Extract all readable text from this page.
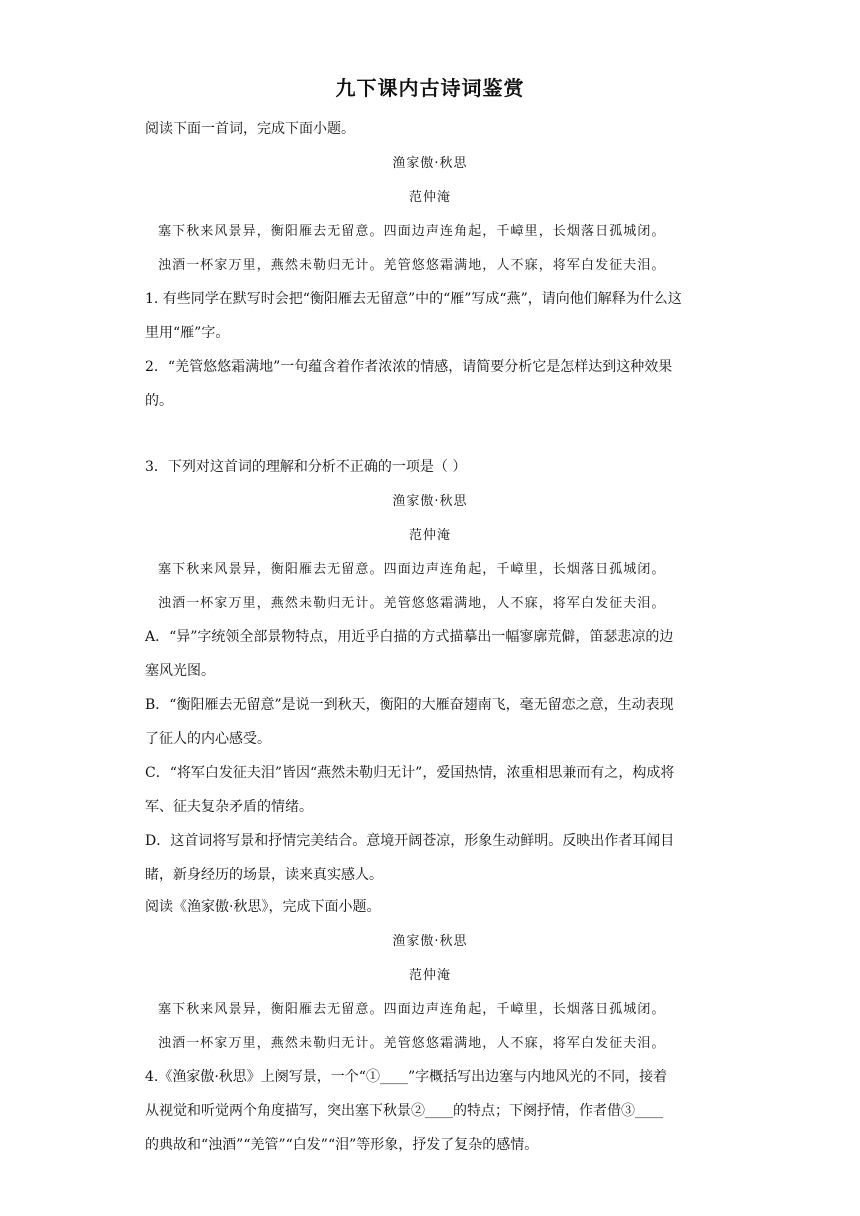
九下课内古诗词鉴赏
阅读下面一首词，完成下面小题。
渔家傲·秋思
范仲淹
塞下秋来风景异，衡阳雁去无留意。四面边声连角起，千嶂里，长烟落日孤城闭。
浊酒一杯家万里，燕然未勒归无计。羌管悠悠霜满地，人不寐，将军白发征夫泪。
1. 有些同学在默写时会把“衡阳雁去无留意”中的“雁”写成“燕”，请向他们解释为什么这
里用“雁”字。
2．“羌管悠悠霜满地”一句蕴含着作者浓浓的情感，请简要分析它是怎样达到这种效果
的。
3．下列对这首词的理解和分析不正确的一项是（ ）
渔家傲·秋思
范仲淹
塞下秋来风景异，衡阳雁去无留意。四面边声连角起，千嶂里，长烟落日孤城闭。
浊酒一杯家万里，燕然未勒归无计。羌管悠悠霜满地，人不寐，将军白发征夫泪。
A．“异”字统领全部景物特点，用近乎白描的方式描摹出一幅寥廓荒僻，笛瑟悲凉的边
塞风光图。
B．“衡阳雁去无留意”是说一到秋天，衡阳的大雁奋翅南飞，毫无留恋之意，生动表现
了征人的内心感受。
C．“将军白发征夫泪”皆因“燕然未勒归无计”，爱国热情，浓重相思兼而有之，构成将
军、征夫复杂矛盾的情绪。
D．这首词将写景和抒情完美结合。意境开阔苍凉，形象生动鲜明。反映出作者耳闻目
睹，新身经历的场景，读来真实感人。
阅读《渔家傲·秋思》，完成下面小题。
渔家傲·秋思
范仲淹
塞下秋来风景异，衡阳雁去无留意。四面边声连角起，千嶂里，长烟落日孤城闭。
浊酒一杯家万里，燕然未勒归无计。羌管悠悠霜满地，人不寐，将军白发征夫泪。
4.《渔家傲·秋思》上阕写景，一个“①____”字概括写出边塞与内地风光的不同，接着
从视觉和听觉两个角度描写，突出塞下秋景②____的特点；下阕抒情，作者借③____
的典故和“浊酒”“羌管”“白发”“泪”等形象，抒发了复杂的感情。
